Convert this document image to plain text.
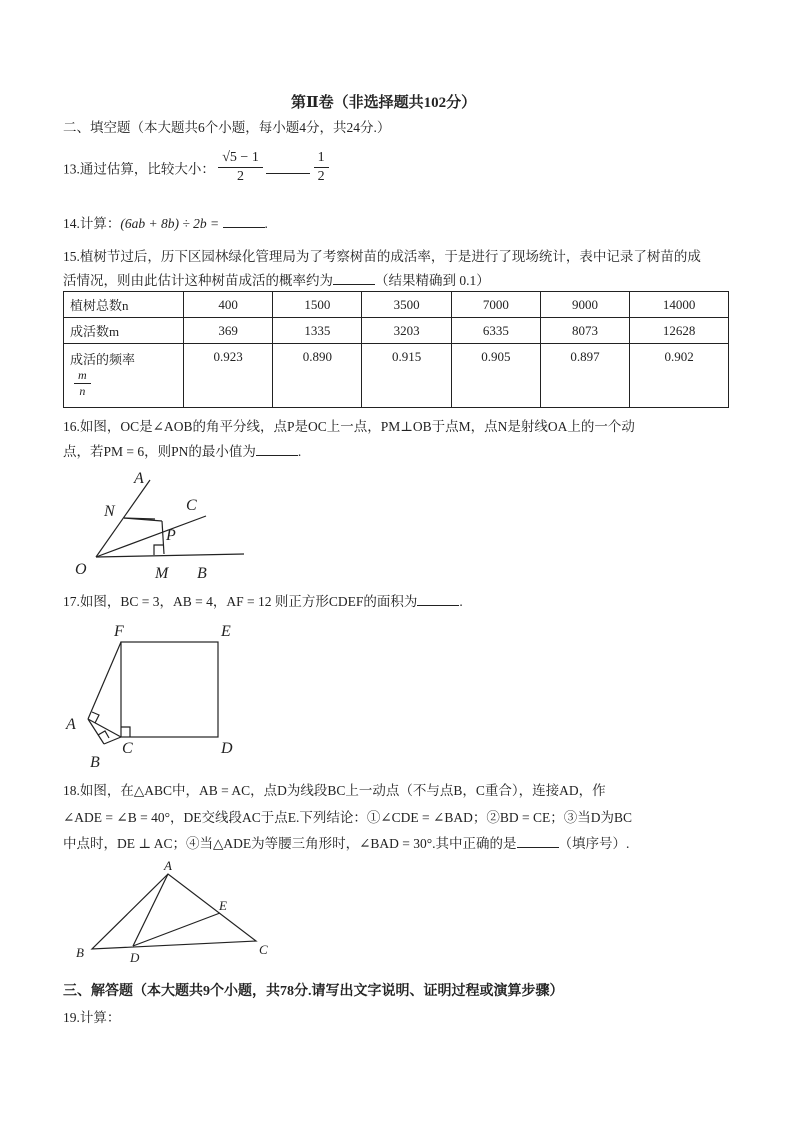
第Ⅱ卷（非选择题共102分）
二、填空题（本大题共6个小题，每小题4分，共24分.）
13.通过估算，比较大小： $\frac{√5 - 1}{2}$
	$\frac{1}{2}$
14.计算：(6ab + 8b) ÷ 2b =	.
15.植树节过后，历下区园林绿化管理局为了考察树苗的成活率，于是进行了现场统计，表中记录了树苗的成
活情况，则由此估计这种树苗成活的概率约为	（结果精确到 0.1）
植树总数n	400	1500	3500	7000	9000	14000
成活数m	369	1335	3203	6335	8073	12628

成活的频率
$\frac{m}{n}$	0.923	0.890	0.915	0.905	0.897	0.902
16.如图，OC是∠AOB的角平分线，点P是OC上一点，PM⊥OB于点M，点N是射线OA上的一个动
点，若PM = 6，则PN的最小值为	.
A
N	C
P
O	M B
17.如图，BC = 3，AB = 4，AF = 12 则正方形CDEF的面积为	.
F	E
A
B
C	D
18.如图，在△ABC中，AB = AC，点D为线段BC上一动点（不与点B，C重合），连接AD，作
∠ADE = ∠B = 40°，DE交线段AC于点E.下列结论：①∠CDE = ∠BAD；②BD = CE；③当D为BC
中点时，DE ⊥ AC；④当△ADE为等腰三角形时，∠BAD = 30°.其中正确的是	（填序号）.
A
E
B	D
C
三、解答题（本大题共9个小题，共78分.请写出文字说明、证明过程或演算步骤）
19.计算：
